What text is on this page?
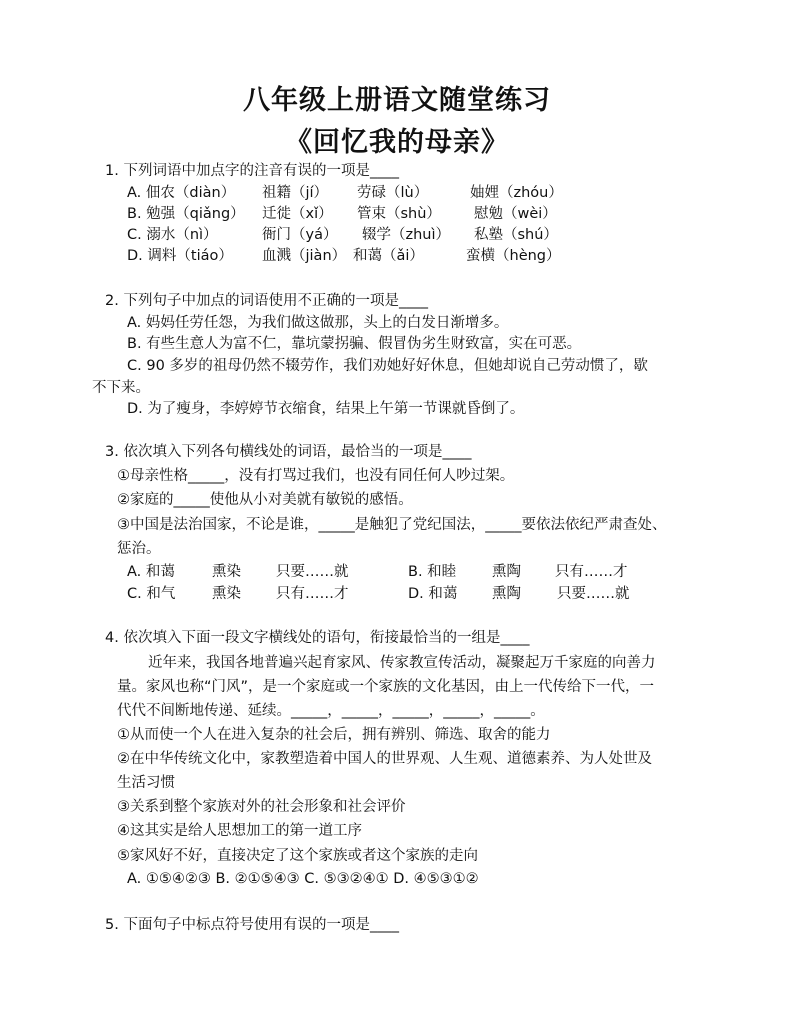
八年级上册语文随堂练习
《回忆我的母亲》
1. 下列词语中加点字的注音有误的一项是____
A. 佃农（diàn） 祖籍（jí） 劳碌（lù）	妯娌（zhóu）
B. 勉强（qiǎng） 迁徙（xǐ） 管束（shù） 慰勉（wèi）
C. 溺水（nì）	衙门（yá） 辍学（zhuì） 私塾（shú）
D. 调料（tiáo） 血溅（jiàn） 和蔼（ǎi）	蛮横（hèng）
2. 下列句子中加点的词语使用不正确的一项是____
A. 妈妈任劳任怨，为我们做这做那，头上的白发日渐增多。
B. 有些生意人为富不仁，靠坑蒙拐骗、假冒伪劣生财致富，实在可恶。
C. 90 多岁的祖母仍然不辍劳作，我们劝她好好休息，但她却说自己劳动惯了，歇
不下来。
D. 为了瘦身，李婷婷节衣缩食，结果上午第一节课就昏倒了。
3. 依次填入下列各句横线处的词语，最恰当的一项是____
①母亲性格_____，没有打骂过我们，也没有同任何人吵过架。
②家庭的_____使他从小对美就有敏锐的感悟。
③中国是法治国家，不论是谁，_____是触犯了党纪国法，_____要依法依纪严肃查处、
惩治。
A. 和蔼	熏染 只要……就	B. 和睦 熏陶 只有……才
C. 和气	熏染 只有……才	D. 和蔼 熏陶 只要……就
4. 依次填入下面一段文字横线处的语句，衔接最恰当的一组是____
近年来，我国各地普遍兴起育家风、传家教宣传活动，凝聚起万千家庭的向善力
量。家风也称“门风”，是一个家庭或一个家族的文化基因，由上一代传给下一代，一
代代不间断地传递、延续。_____，_____，_____，_____，_____。
①从而使一个人在进入复杂的社会后，拥有辨别、筛选、取舍的能力
②在中华传统文化中，家教塑造着中国人的世界观、人生观、道德素养、为人处世及
生活习惯
③关系到整个家族对外的社会形象和社会评价
④这其实是给人思想加工的第一道工序
⑤家风好不好，直接决定了这个家族或者这个家族的走向
A. ①⑤④②③ B. ②①⑤④③ C. ⑤③②④① D. ④⑤③①②
5. 下面句子中标点符号使用有误的一项是____
